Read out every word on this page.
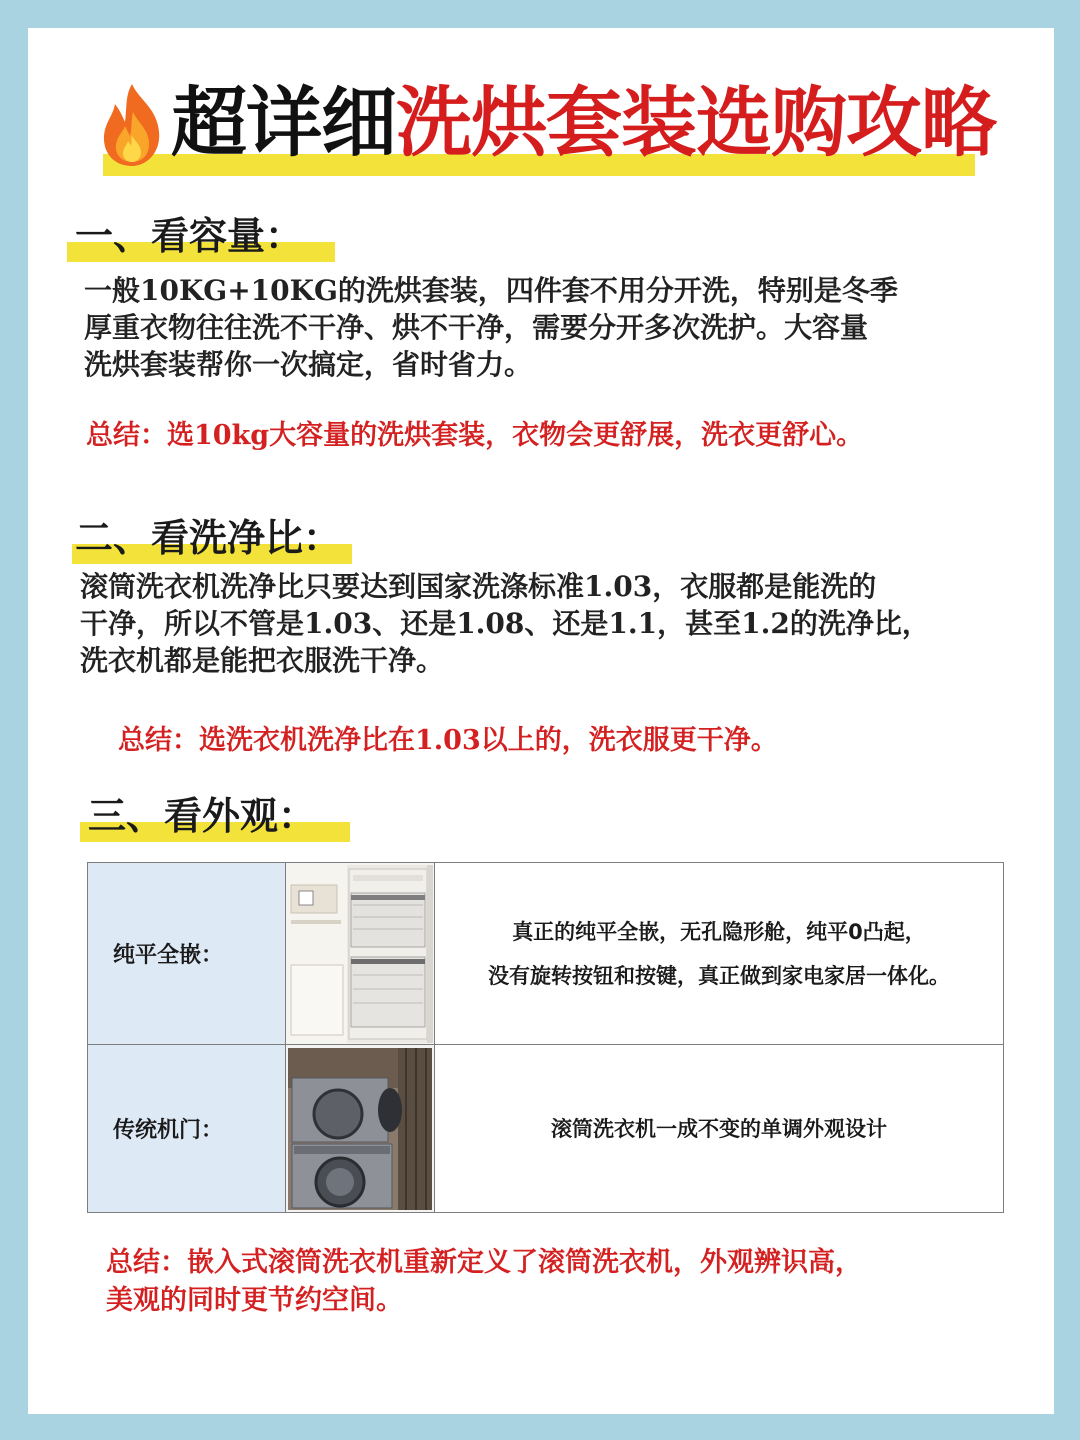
超详细洗烘套装选购攻略
一、看容量：

一般10KG+10KG的洗烘套装，四件套不用分开洗，特别是冬季
厚重衣物往往洗不干净、烘不干净，需要分开多次洗护。大容量
洗烘套装帮你一次搞定，省时省力。

总结：选10kg大容量的洗烘套装，衣物会更舒展，洗衣更舒心。

二、看洗净比：

滚筒洗衣机洗净比只要达到国家洗涤标准1.03，衣服都是能洗的
干净，所以不管是1.03、还是1.08、还是1.1，甚至1.2的洗净比，
洗衣机都是能把衣服洗干净。

总结：选洗衣机洗净比在1.03以上的，洗衣服更干净。

三、看外观：
纯平全嵌：		真正的纯平全嵌，无孔隐形舱，纯平0凸起，
没有旋转按钮和按键，真正做到家电家居一体化。
传统机门：		滚筒洗衣机一成不变的单调外观设计

总结：嵌入式滚筒洗衣机重新定义了滚筒洗衣机，外观辨识高，
美观的同时更节约空间。
